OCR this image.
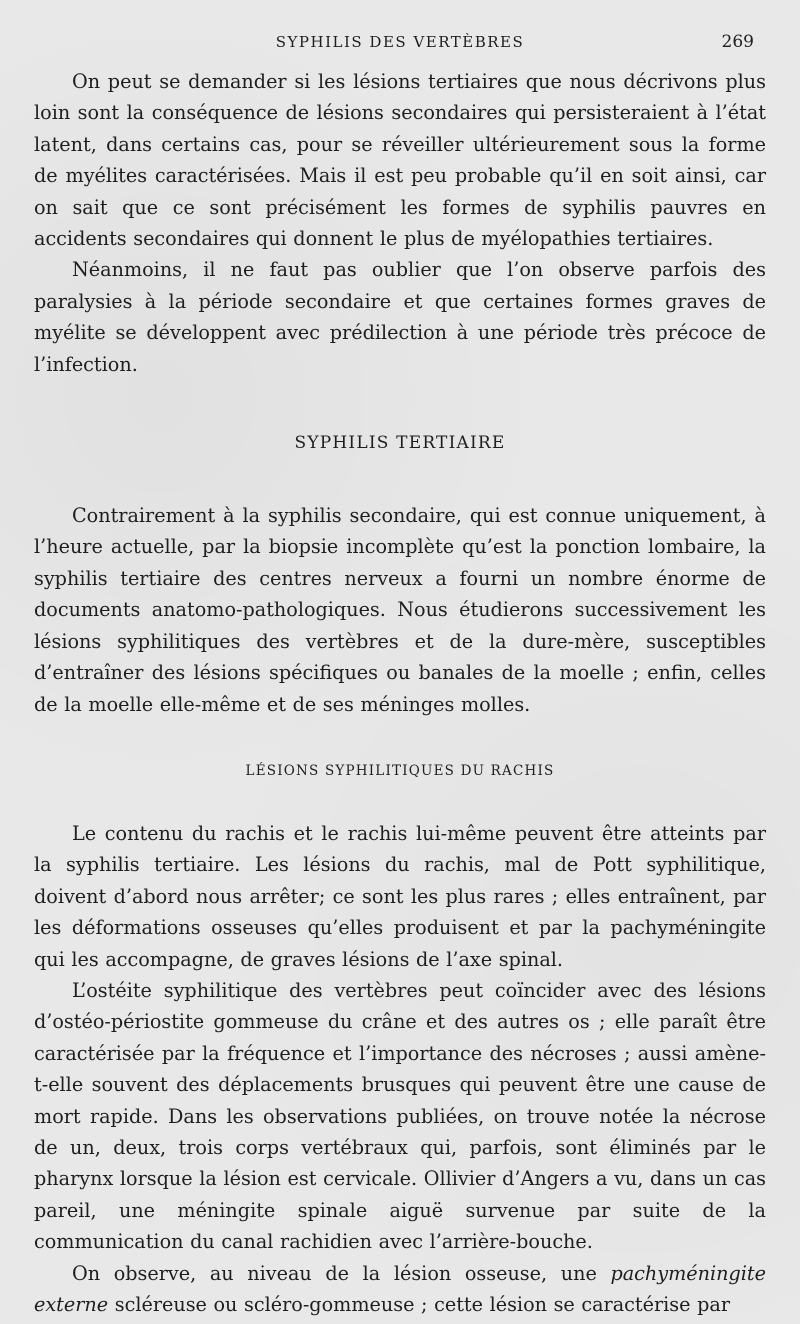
SYPHILIS DES VERTÈBRES	269

On peut se demander si les lésions tertiaires que nous décrivons plus loin sont la conséquence de lésions secondaires qui persisteraient à l’état latent, dans certains cas, pour se réveiller ultérieurement sous la forme de myélites caractérisées. Mais il est peu probable qu’il en soit ainsi, car on sait que ce sont précisément les formes de syphilis pauvres en accidents secondaires qui donnent le plus de myélopathies tertiaires.

Néanmoins, il ne faut pas oublier que l’on observe parfois des paralysies à la période secondaire et que certaines formes graves de myélite se développent avec prédilection à une période très précoce de l’infection.

SYPHILIS TERTIAIRE

Contrairement à la syphilis secondaire, qui est connue uniquement, à l’heure actuelle, par la biopsie incomplète qu’est la ponction lombaire, la syphilis tertiaire des centres nerveux a fourni un nombre énorme de documents anatomo-pathologiques. Nous étudierons successivement les lésions syphilitiques des vertèbres et de la dure-mère, susceptibles d’entraîner des lésions spécifiques ou banales de la moelle ; enfin, celles de la moelle elle-même et de ses méninges molles.

LÉSIONS SYPHILITIQUES DU RACHIS

Le contenu du rachis et le rachis lui-même peuvent être atteints par la syphilis tertiaire. Les lésions du rachis, mal de Pott syphilitique, doivent d’abord nous arrêter; ce sont les plus rares ; elles entraînent, par les déformations osseuses qu’elles produisent et par la pachyméningite qui les accompagne, de graves lésions de l’axe spinal.

L’ostéite syphilitique des vertèbres peut coïncider avec des lésions d’ostéo-périostite gommeuse du crâne et des autres os ; elle paraît être caractérisée par la fréquence et l’importance des nécroses ; aussi amène-t-elle souvent des déplacements brusques qui peuvent être une cause de mort rapide. Dans les observations publiées, on trouve notée la nécrose de un, deux, trois corps vertébraux qui, parfois, sont éliminés par le pharynx lorsque la lésion est cervicale. Ollivier d’Angers a vu, dans un cas pareil, une méningite spinale aiguë survenue par suite de la communication du canal rachidien avec l’arrière-bouche.

On observe, au niveau de la lésion osseuse, une pachyméningite externe scléreuse ou scléro-gommeuse ; cette lésion se caractérise par
